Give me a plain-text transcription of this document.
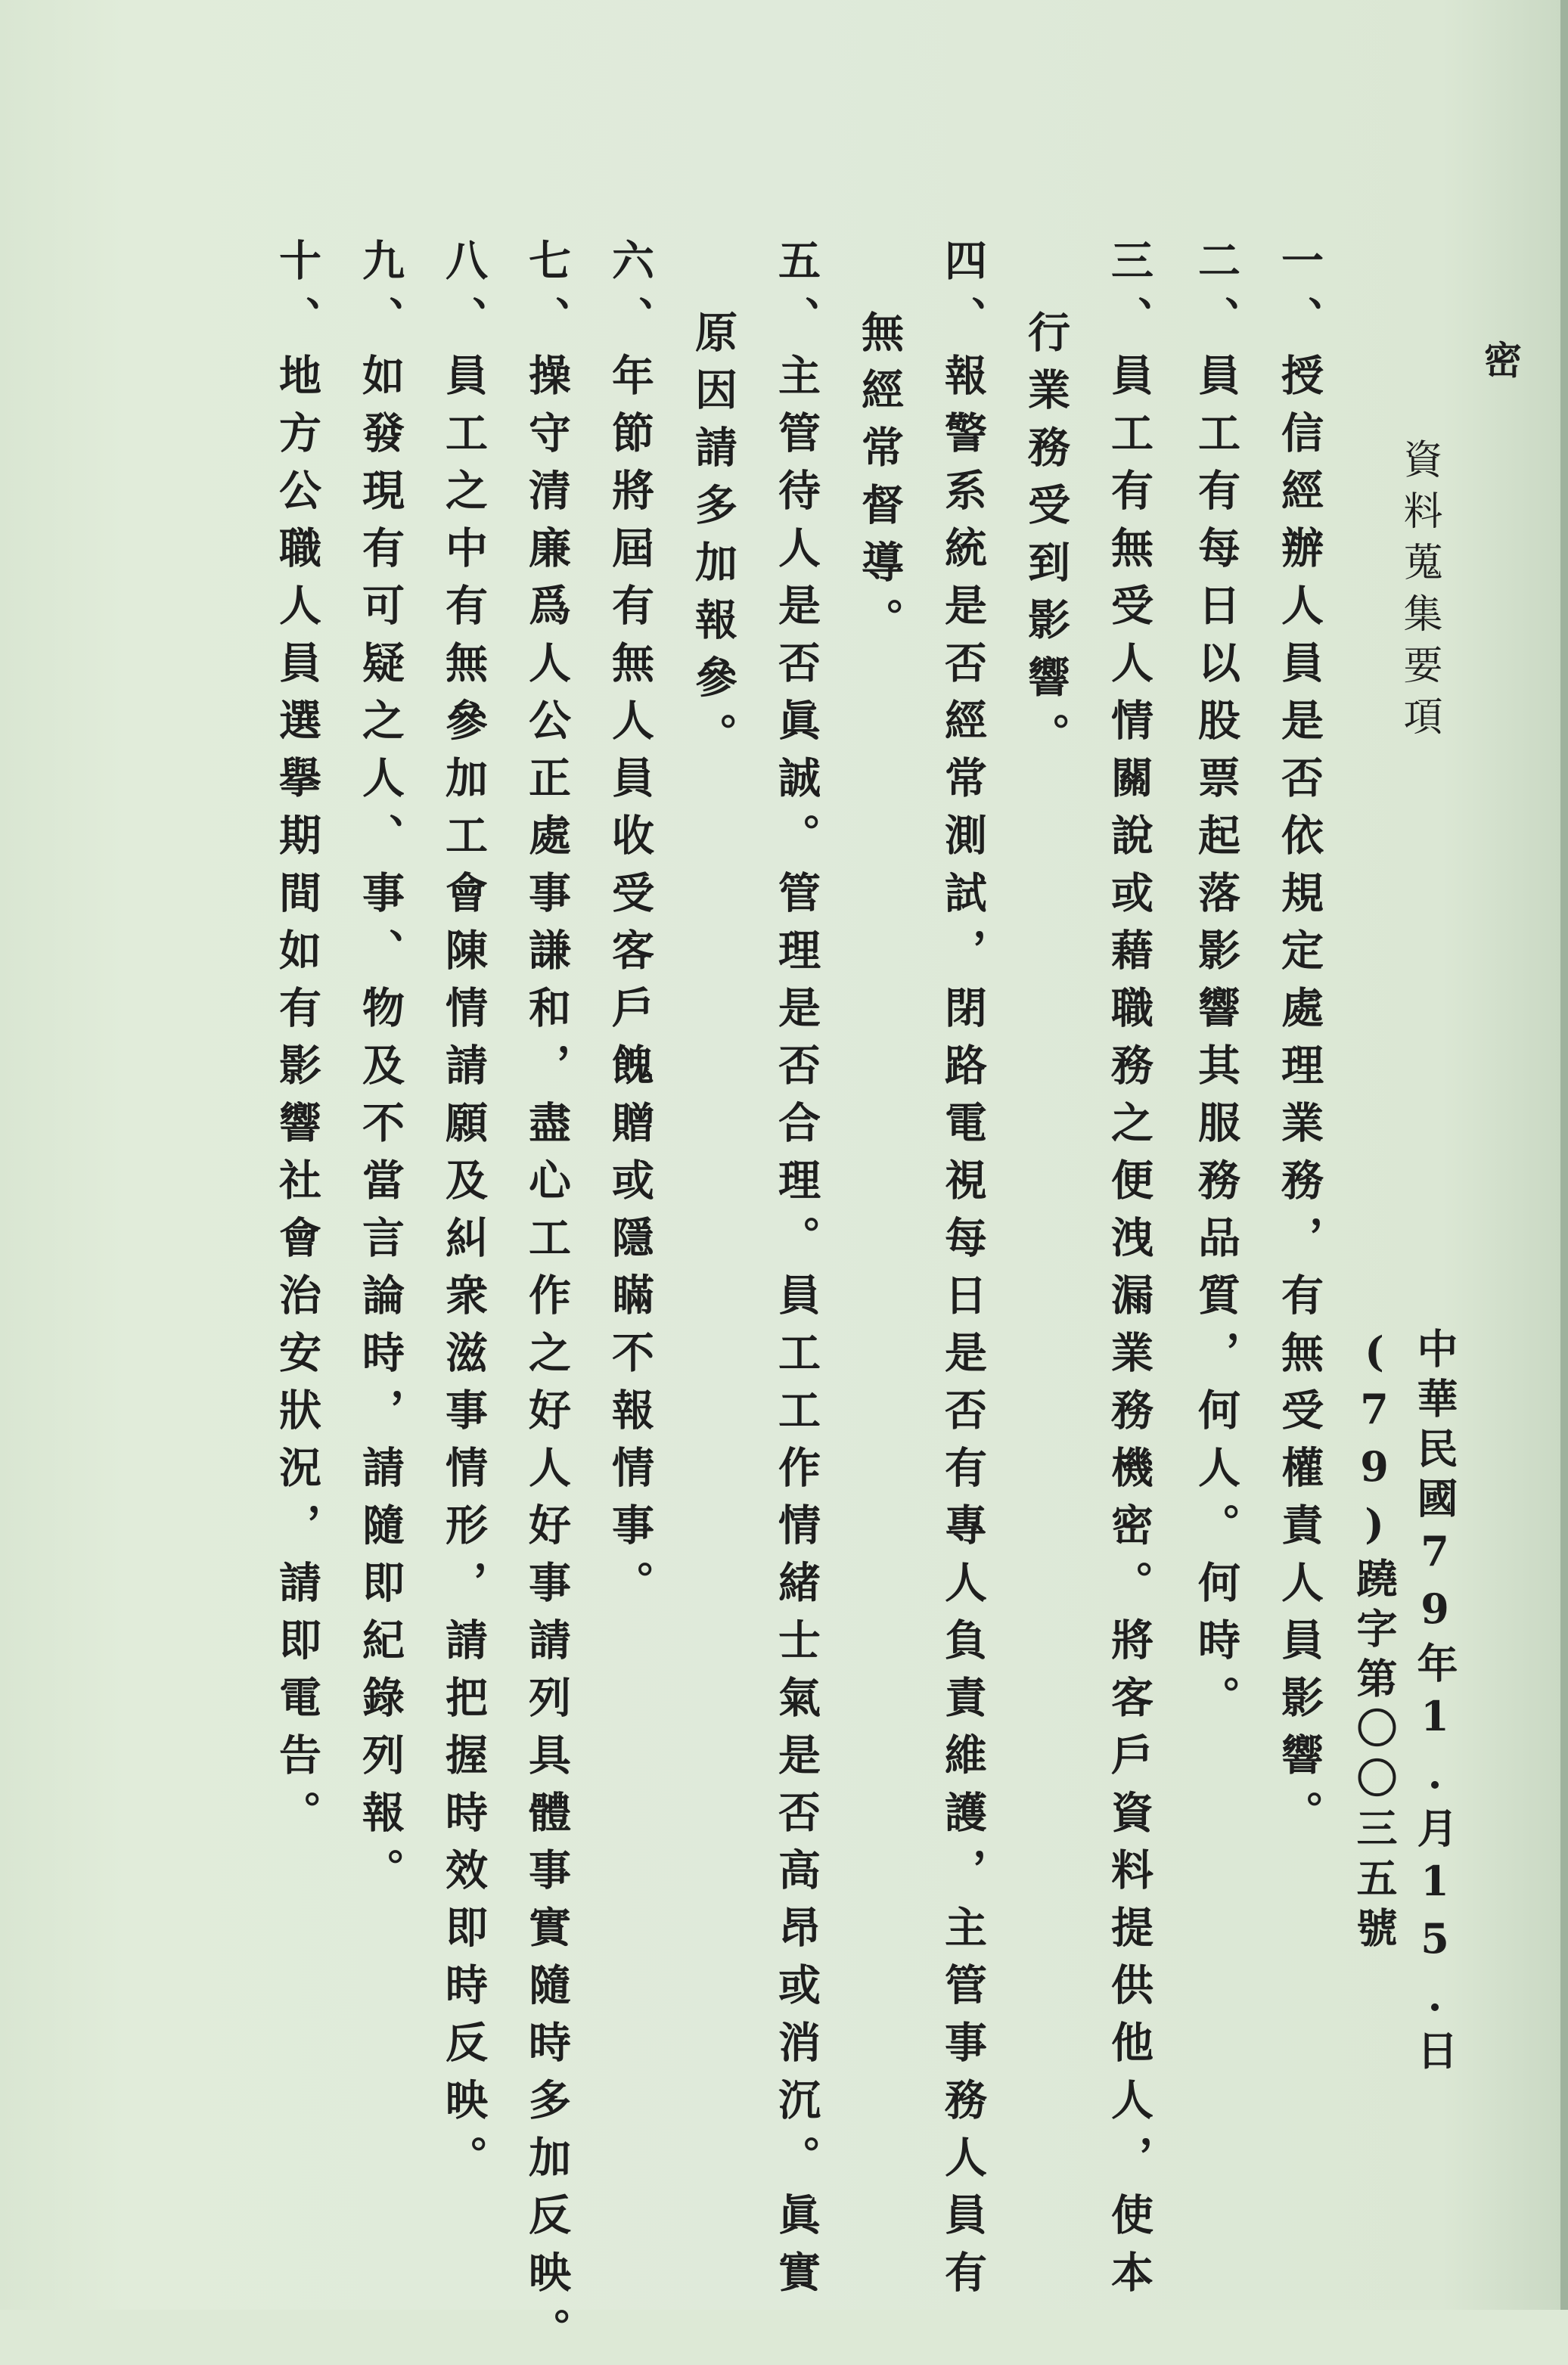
密
資料蒐集要項
中華民國79年1.月15.日
(79)蹺字第〇〇三五號
一、授信經辦人員是否依規定處理業務，有無受權責人員影響。
二、員工有每日以股票起落影響其服務品質，何人。何時。
三、員工有無受人情關說或藉職務之便洩漏業務機密。將客戶資料提供他人，使本
行業務受到影響。
四、報警系統是否經常測試，閉路電視每日是否有專人負責維護，主管事務人員有
無經常督導。
五、主管待人是否眞誠。管理是否合理。員工工作情緒士氣是否高昂或消沉。眞實
原因請多加報參。
六、年節將屆有無人員收受客戶餽贈或隱瞞不報情事。
七、操守清廉爲人公正處事謙和，盡心工作之好人好事請列具體事實隨時多加反映。
八、員工之中有無參加工會陳情請願及糾衆滋事情形，請把握時效即時反映。
九、如發現有可疑之人、事、物及不當言論時，請隨即紀錄列報。
十、地方公職人員選擧期間如有影響社會治安狀況，請即電告。
